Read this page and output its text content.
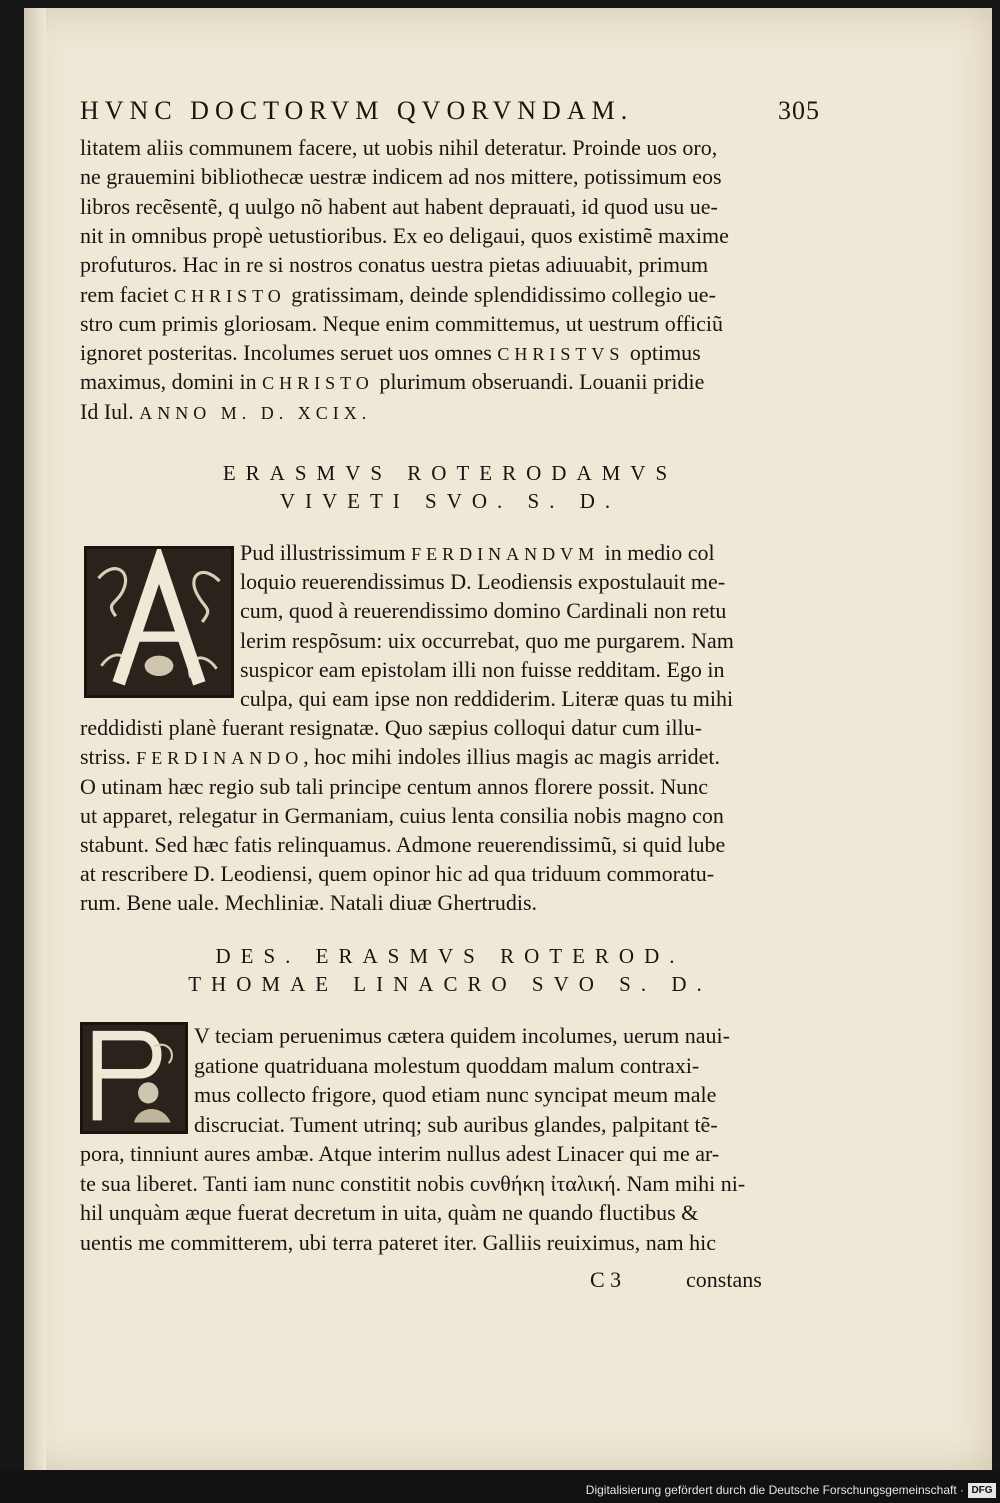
HVNC DOCTORVM QVORVNDAM.	305
litatem aliis communem facere, ut uobis nihil deteratur. Proinde uos oro,
ne grauemini bibliothecæ uestræ indicem ad nos mittere, potissimum eos
libros recẽsentẽ, q uulgo nõ habent aut habent deprauati, id quod usu ue-
nit in omnibus propè uetustioribus. Ex eo deligaui, quos existimẽ maxime
profuturos. Hac in re si nostros conatus uestra pietas adiuuabit, primum
rem faciet CHRISTO gratissimam, deinde splendidissimo collegio ue-
stro cum primis gloriosam. Neque enim committemus, ut uestrum officiũ
ignoret posteritas. Incolumes seruet uos omnes CHRISTVS optimus
maximus, domini in CHRISTO plurimum obseruandi. Louanii pridie
Id Iul. ANNO M. D. XCIX.
ERASMVS ROTERODAMVS
VIVETI SVO. S. D.
Pud illustrissimum FERDINANDVM in medio col
loquio reuerendissimus D. Leodiensis expostulauit me-
cum, quod à reuerendissimo domino Cardinali non retu
lerim respõsum: uix occurrebat, quo me purgarem. Nam
suspicor eam epistolam illi non fuisse redditam. Ego in
culpa, qui eam ipse non reddiderim. Literæ quas tu mihi
reddidisti planè fuerant resignatæ. Quo sæpius colloqui datur cum illu-
striss. FERDINANDO, hoc mihi indoles illius magis ac magis arridet.
O utinam hæc regio sub tali principe centum annos florere possit. Nunc
ut apparet, relegatur in Germaniam, cuius lenta consilia nobis magno con
stabunt. Sed hæc fatis relinquamus. Admone reuerendissimũ, si quid lube
at rescribere D. Leodiensi, quem opinor hic ad qua triduum commoratu-
rum. Bene uale. Mechliniæ. Natali diuæ Ghertrudis.
DES. ERASMVS ROTEROD.
THOMAE LINACRO SVO S. D.
V teciam peruenimus cætera quidem incolumes, uerum naui-
gatione quatriduana molestum quoddam malum contraxi-
mus collecto frigore, quod etiam nunc syncipat meum male
discruciat. Tument utrinq; sub auribus glandes, palpitant tẽ-
pora, tinniunt aures ambæ. Atque interim nullus adest Linacer qui me ar-
te sua liberet. Tanti iam nunc constitit nobis ϲυνθήκη ἰταλική. Nam mihi ni-
hil unquàm æque fuerat decretum in uita, quàm ne quando fluctibus &
uentis me committerem, ubi terra pateret iter. Galliis reuiximus, nam hic
C 3	constans
Digitalisierung gefördert durch die Deutsche Forschungsgemeinschaft · DFG
